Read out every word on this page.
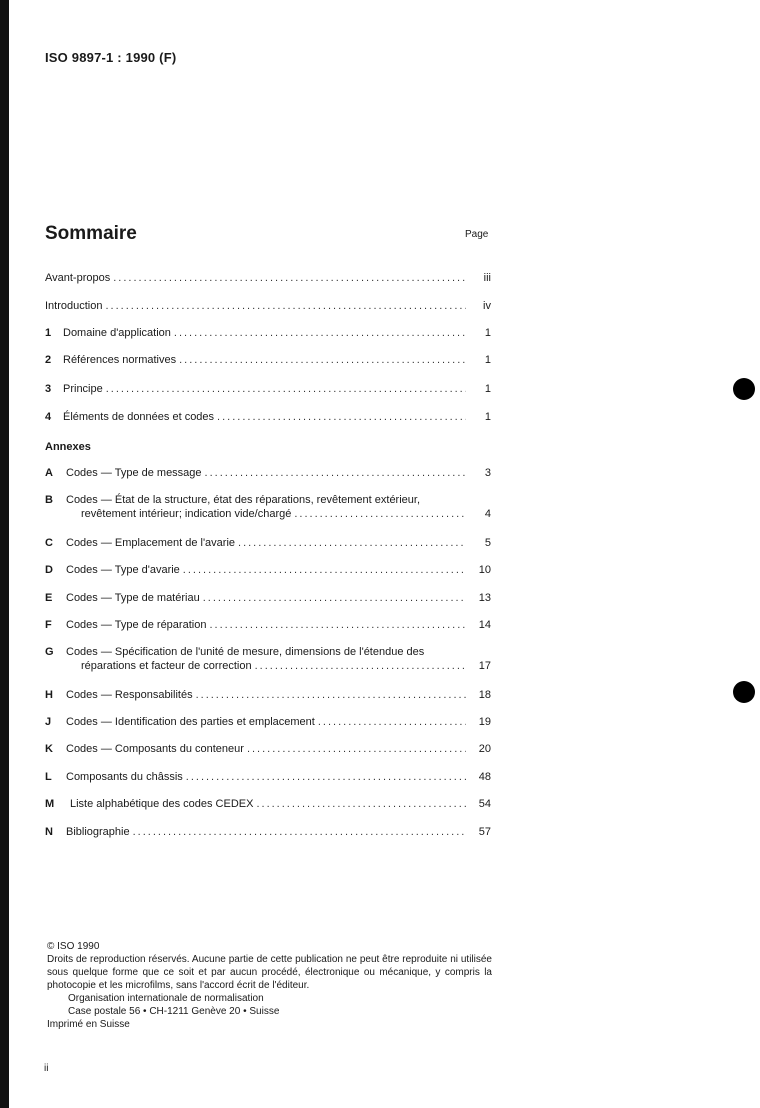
ISO 9897-1 : 1990 (F)
Sommaire	Page
Avant-propos .....	iii
Introduction .....	iv
1 Domaine d'application .....	1
2 Références normatives .....	1
3 Principe .....	1
4 Éléments de données et codes .....	1
Annexes
A Codes — Type de message .....	3
B	Codes — État de la structure, état des réparations, revêtement extérieur,
revêtement intérieur; indication vide/chargé .....	4
C Codes — Emplacement de l'avarie .....	5
D Codes — Type d'avarie .....	10
E Codes — Type de matériau .....	13
F Codes — Type de réparation .....	14
G	Codes — Spécification de l'unité de mesure, dimensions de l'étendue des
réparations et facteur de correction .....	17
H Codes — Responsabilités .....	18
J Codes — Identification des parties et emplacement .....	19
K Codes — Composants du conteneur .....	20
L Composants du châssis .....	48
M Liste alphabétique des codes CEDEX .....	54
N Bibliographie .....	57

© ISO 1990

Droits de reproduction réservés. Aucune partie de cette publication ne peut être reproduite ni utilisée sous quelque forme que ce soit et par aucun procédé, électronique ou mécanique, y compris la photocopie et les microfilms, sans l'accord écrit de l'éditeur.

Organisation internationale de normalisation

Case postale 56 • CH-1211 Genève 20 • Suisse

Imprimé en Suisse

ii
